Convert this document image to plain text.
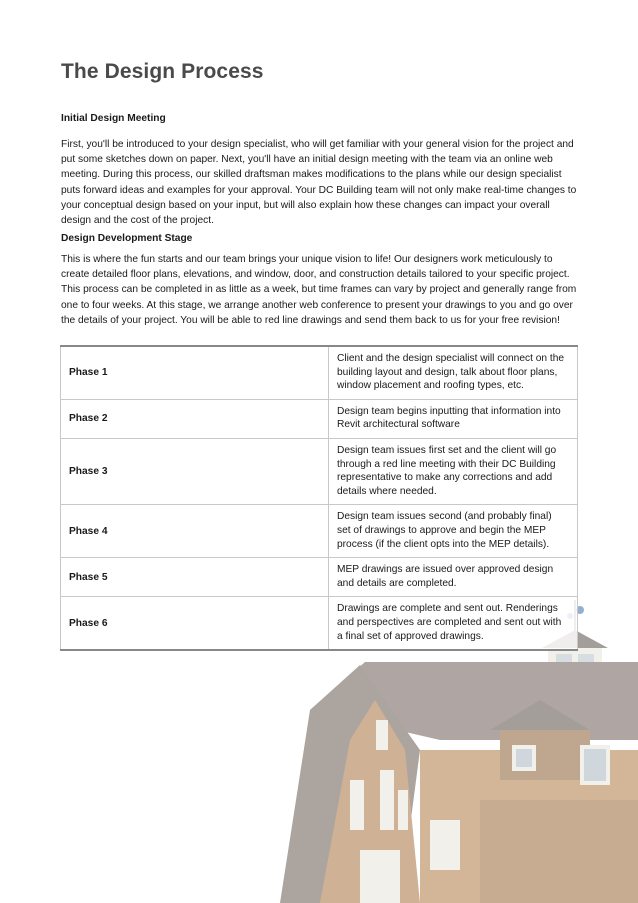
The Design Process
Initial Design Meeting

First, you'll be introduced to your design specialist, who will get familiar with your general vision for the project and put some sketches down on paper. Next, you'll have an initial design meeting with the team via an online web meeting. During this process, our skilled draftsman makes modifications to the plans while our design specialist puts forward ideas and examples for your approval. Your DC Building team will not only make real-time changes to your conceptual design based on your input, but will also explain how these changes can impact your overall design and the cost of the project.

Design Development Stage

This is where the fun starts and our team brings your unique vision to life! Our designers work meticulously to create detailed floor plans, elevations, and window, door, and construction details tailored to your specific project. This process can be completed in as little as a week, but time frames can vary by project and generally range from one to four weeks. At this stage, we arrange another web conference to present your drawings to you and go over the details of your project. You will be able to red line drawings and send them back to us for your free revision!

Phase 1	Client and the design specialist will connect on the building layout and design, talk about floor plans, window placement and roofing types, etc.
Phase 2	Design team begins inputting that information into Revit architectural software
Phase 3	Design team issues first set and the client will go through a red line meeting with their DC Building representative to make any corrections and add details where needed.
Phase 4	Design team issues second (and probably final) set of drawings to approve and begin the MEP process (if the client opts into the MEP details).
Phase 5	MEP drawings are issued over approved design and details are completed.
Phase 6	Drawings are complete and sent out. Renderings and perspectives are completed and sent out with a final set of approved drawings.
